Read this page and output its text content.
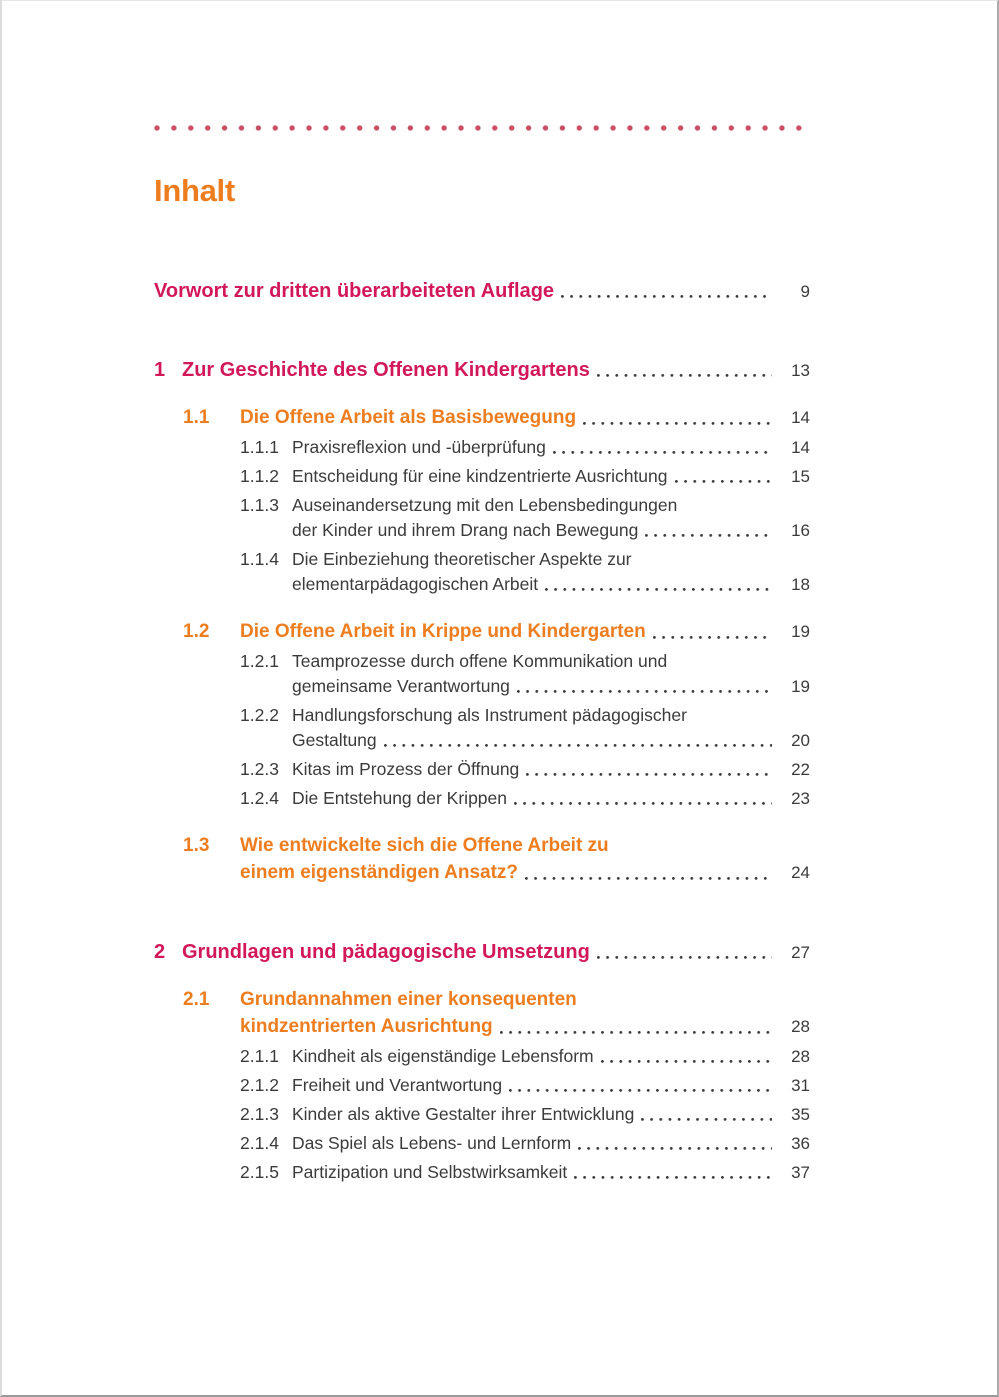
Inhalt
Vorwort zur dritten überarbeiteten Auflage	9
1 Zur Geschichte des Offenen Kindergartens	13
1.1	Die Offene Arbeit als Basisbewegung	14
1.1.1 Praxisreflexion und -überprüfung	14
1.1.2 Entscheidung für eine kindzentrierte Ausrichtung	15
1.1.3 Auseinandersetzung mit den Lebensbedingungen
der Kinder und ihrem Drang nach Bewegung	16
1.1.4 Die Einbeziehung theoretischer Aspekte zur
elementarpädagogischen Arbeit	18
1.2	Die Offene Arbeit in Krippe und Kindergarten	19
1.2.1 Teamprozesse durch offene Kommunikation und
gemeinsame Verantwortung	19
1.2.2 Handlungsforschung als Instrument pädagogischer
Gestaltung	20
1.2.3 Kitas im Prozess der Öffnung	22
1.2.4 Die Entstehung der Krippen	23
1.3	Wie entwickelte sich die Offene Arbeit zu
einem eigenständigen Ansatz?	24
2 Grundlagen und pädagogische Umsetzung	27
2.1	Grundannahmen einer konsequenten
kindzentrierten Ausrichtung	28
2.1.1 Kindheit als eigenständige Lebensform	28
2.1.2 Freiheit und Verantwortung	31
2.1.3 Kinder als aktive Gestalter ihrer Entwicklung	35
2.1.4 Das Spiel als Lebens- und Lernform	36
2.1.5 Partizipation und Selbstwirksamkeit	37
